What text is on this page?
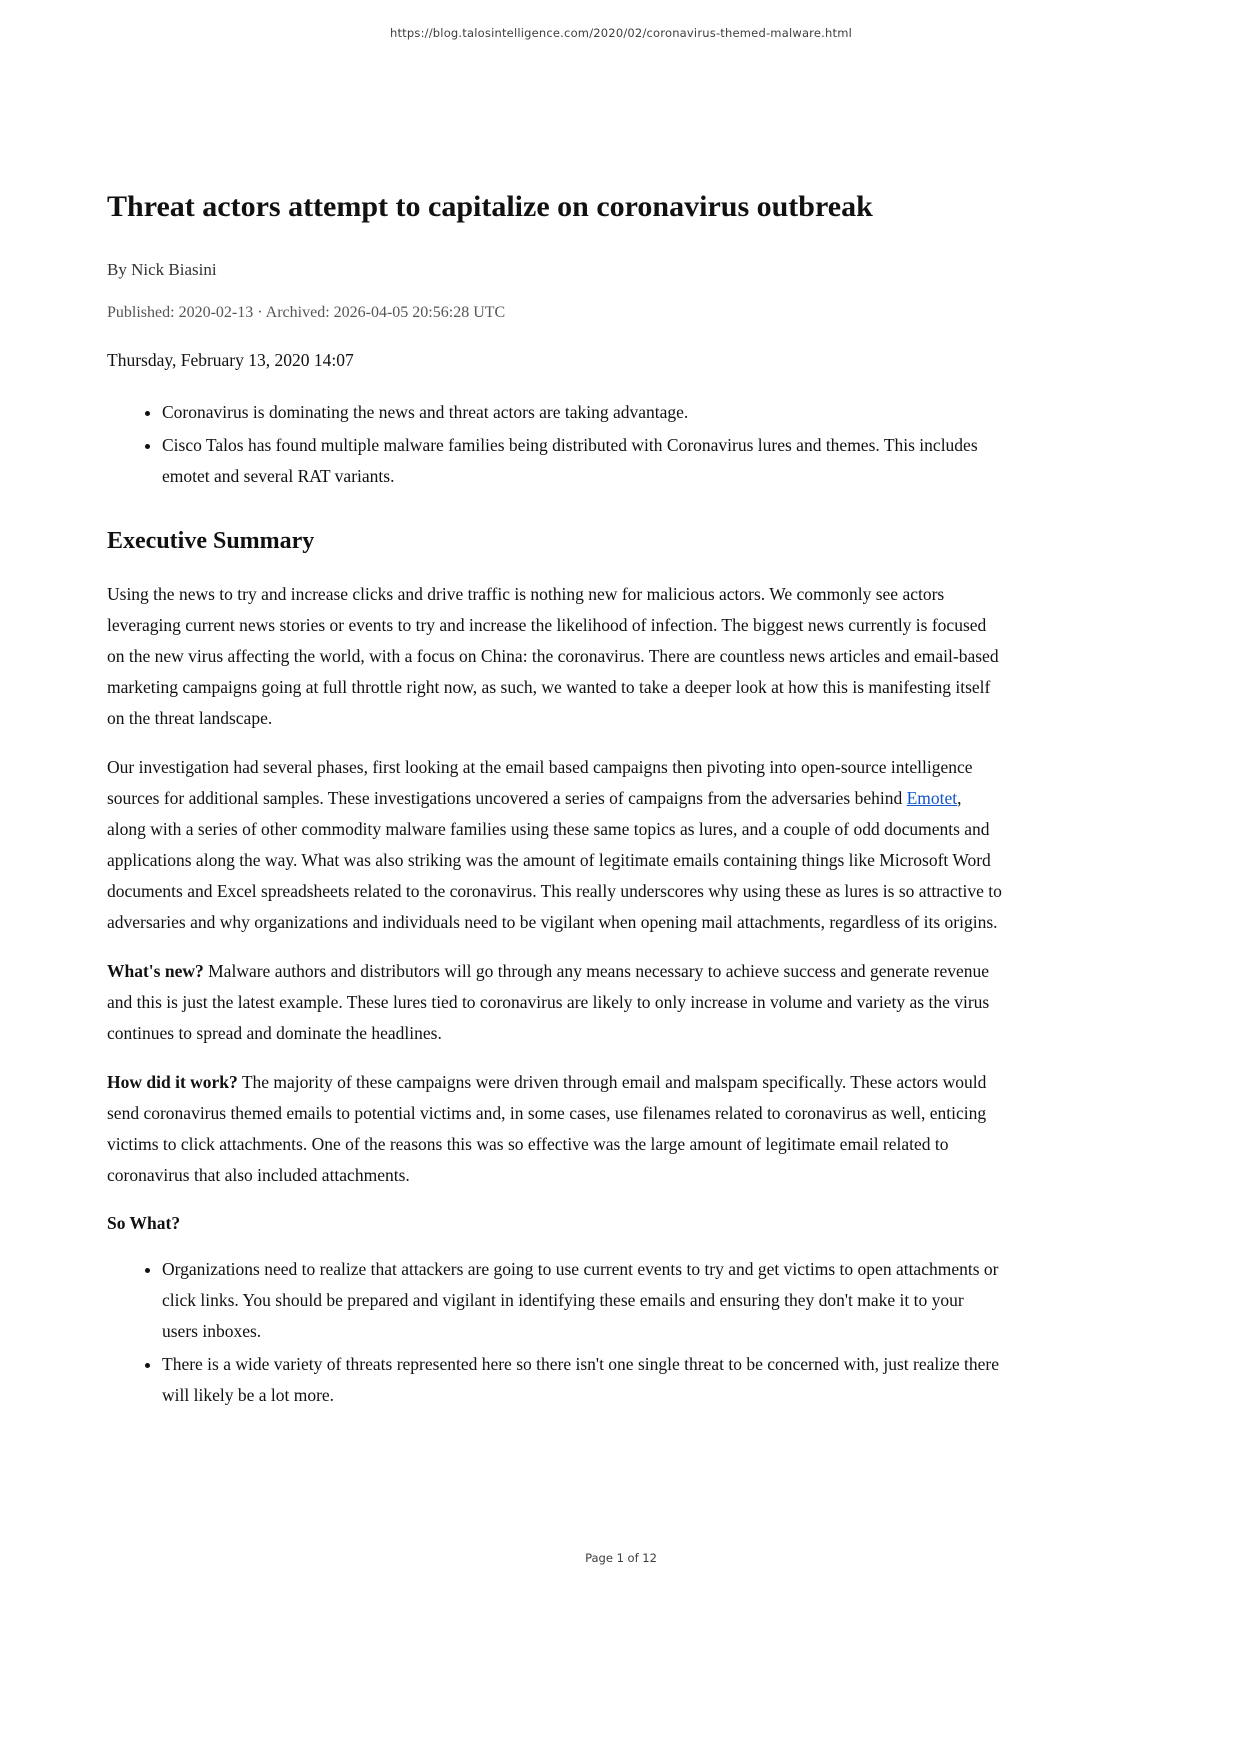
https://blog.talosintelligence.com/2020/02/coronavirus-themed-malware.html
Threat actors attempt to capitalize on coronavirus outbreak

By Nick Biasini

Published: 2020-02-13 · Archived: 2026-04-05 20:56:28 UTC

Thursday, February 13, 2020 14:07

• Coronavirus is dominating the news and threat actors are taking advantage.
• Cisco Talos has found multiple malware families being distributed with Coronavirus lures and themes. This includes emotet and several RAT variants.
Executive Summary

Using the news to try and increase clicks and drive traffic is nothing new for malicious actors. We commonly see actors leveraging current news stories or events to try and increase the likelihood of infection. The biggest news currently is focused on the new virus affecting the world, with a focus on China: the coronavirus. There are countless news articles and email-based marketing campaigns going at full throttle right now, as such, we wanted to take a deeper look at how this is manifesting itself on the threat landscape.

Our investigation had several phases, first looking at the email based campaigns then pivoting into open-source intelligence sources for additional samples. These investigations uncovered a series of campaigns from the adversaries behind Emotet, along with a series of other commodity malware families using these same topics as lures, and a couple of odd documents and applications along the way. What was also striking was the amount of legitimate emails containing things like Microsoft Word documents and Excel spreadsheets related to the coronavirus. This really underscores why using these as lures is so attractive to adversaries and why organizations and individuals need to be vigilant when opening mail attachments, regardless of its origins.

What's new? Malware authors and distributors will go through any means necessary to achieve success and generate revenue and this is just the latest example. These lures tied to coronavirus are likely to only increase in volume and variety as the virus continues to spread and dominate the headlines.

How did it work? The majority of these campaigns were driven through email and malspam specifically. These actors would send coronavirus themed emails to potential victims and, in some cases, use filenames related to coronavirus as well, enticing victims to click attachments. One of the reasons this was so effective was the large amount of legitimate email related to coronavirus that also included attachments.

So What?

• Organizations need to realize that attackers are going to use current events to try and get victims to open attachments or click links. You should be prepared and vigilant in identifying these emails and ensuring they don't make it to your users inboxes.
• There is a wide variety of threats represented here so there isn't one single threat to be concerned with, just realize there will likely be a lot more.
Page 1 of 12
